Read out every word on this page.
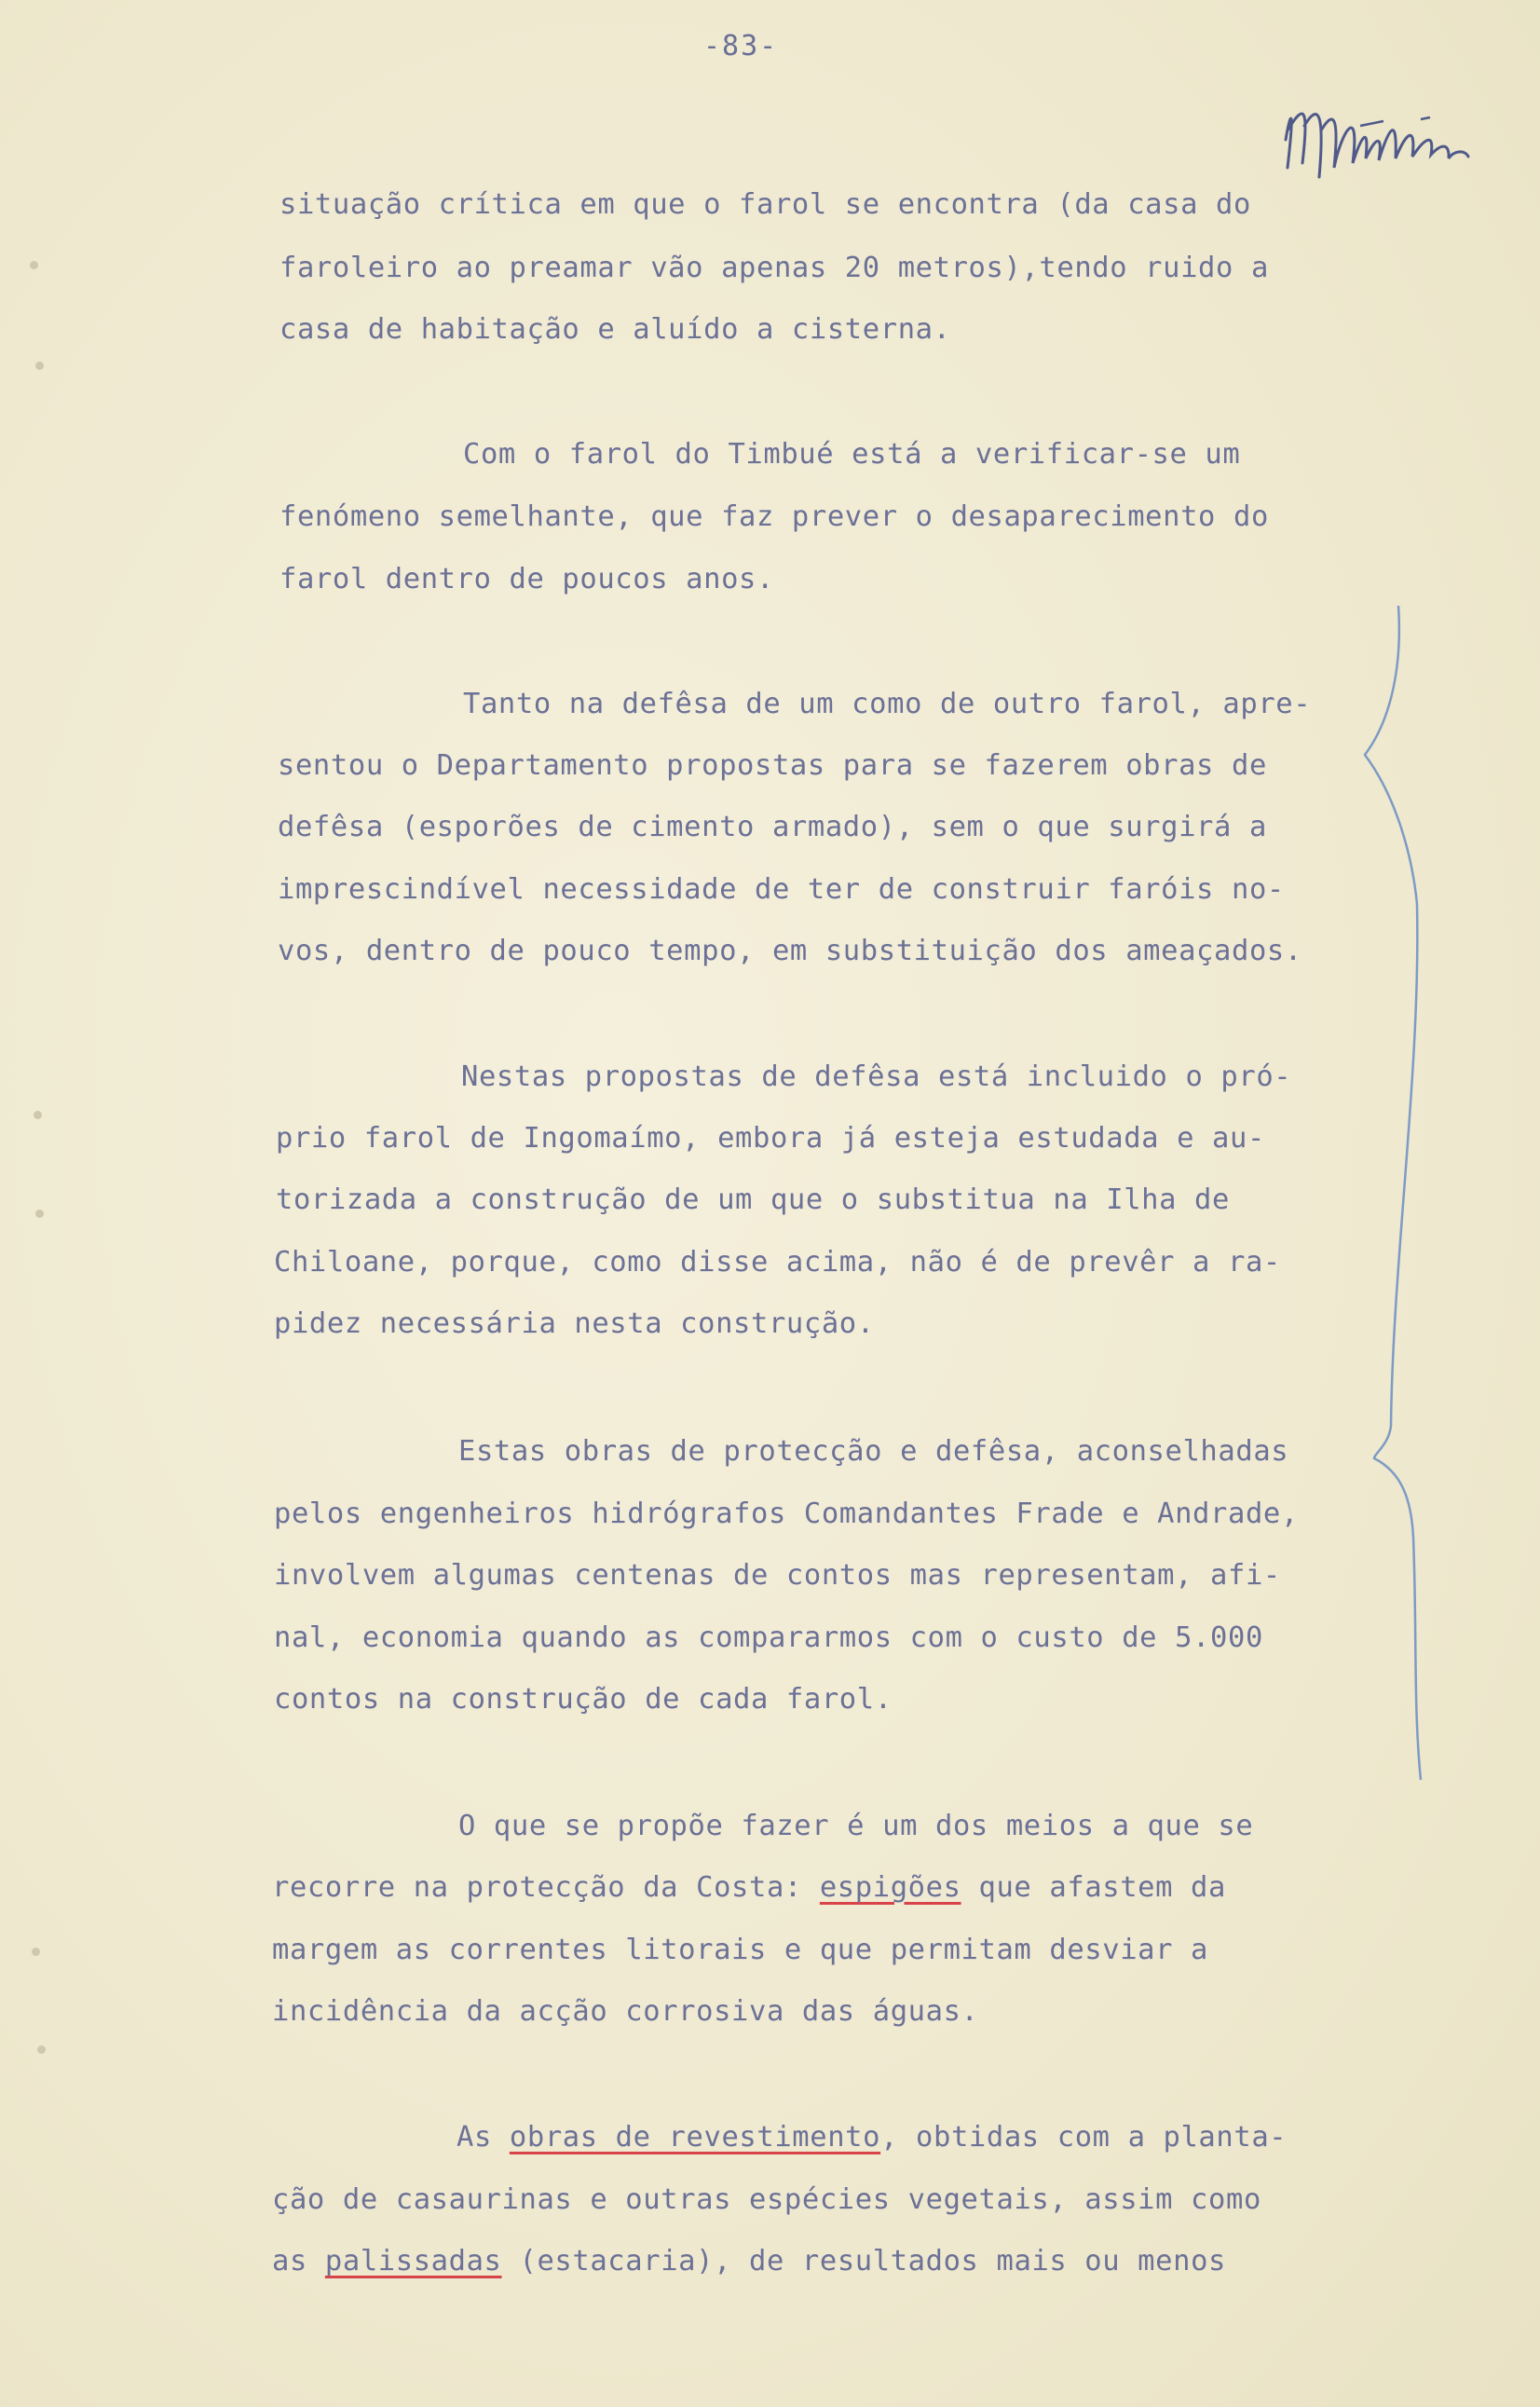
-83-
situação crítica em que o farol se encontra (da casa do
faroleiro ao preamar vão apenas 20 metros),tendo ruido a
casa de habitação e aluído a cisterna.
Com o farol do Timbué está a verificar-se um
fenómeno semelhante, que faz prever o desaparecimento do
farol dentro de poucos anos.
Tanto na defêsa de um como de outro farol, apre-
sentou o Departamento propostas para se fazerem obras de
defêsa (esporões de cimento armado), sem o que surgirá a
imprescindível necessidade de ter de construir faróis no-
vos, dentro de pouco tempo, em substituição dos ameaçados.
Nestas propostas de defêsa está incluido o pró-
prio farol de Ingomaímo, embora já esteja estudada e au-
torizada a construção de um que o substitua na Ilha de
Chiloane, porque, como disse acima, não é de prevêr a ra-
pidez necessária nesta construção.
Estas obras de protecção e defêsa, aconselhadas
pelos engenheiros hidrógrafos Comandantes Frade e Andrade,
involvem algumas centenas de contos mas representam, afi-
nal, economia quando as compararmos com o custo de 5.000
contos na construção de cada farol.
O que se propõe fazer é um dos meios a que se
recorre na protecção da Costa: espigões que afastem da
margem as correntes litorais e que permitam desviar a
incidência da acção corrosiva das águas.
As obras de revestimento, obtidas com a planta-
ção de casaurinas e outras espécies vegetais, assim como
as palissadas (estacaria), de resultados mais ou menos
